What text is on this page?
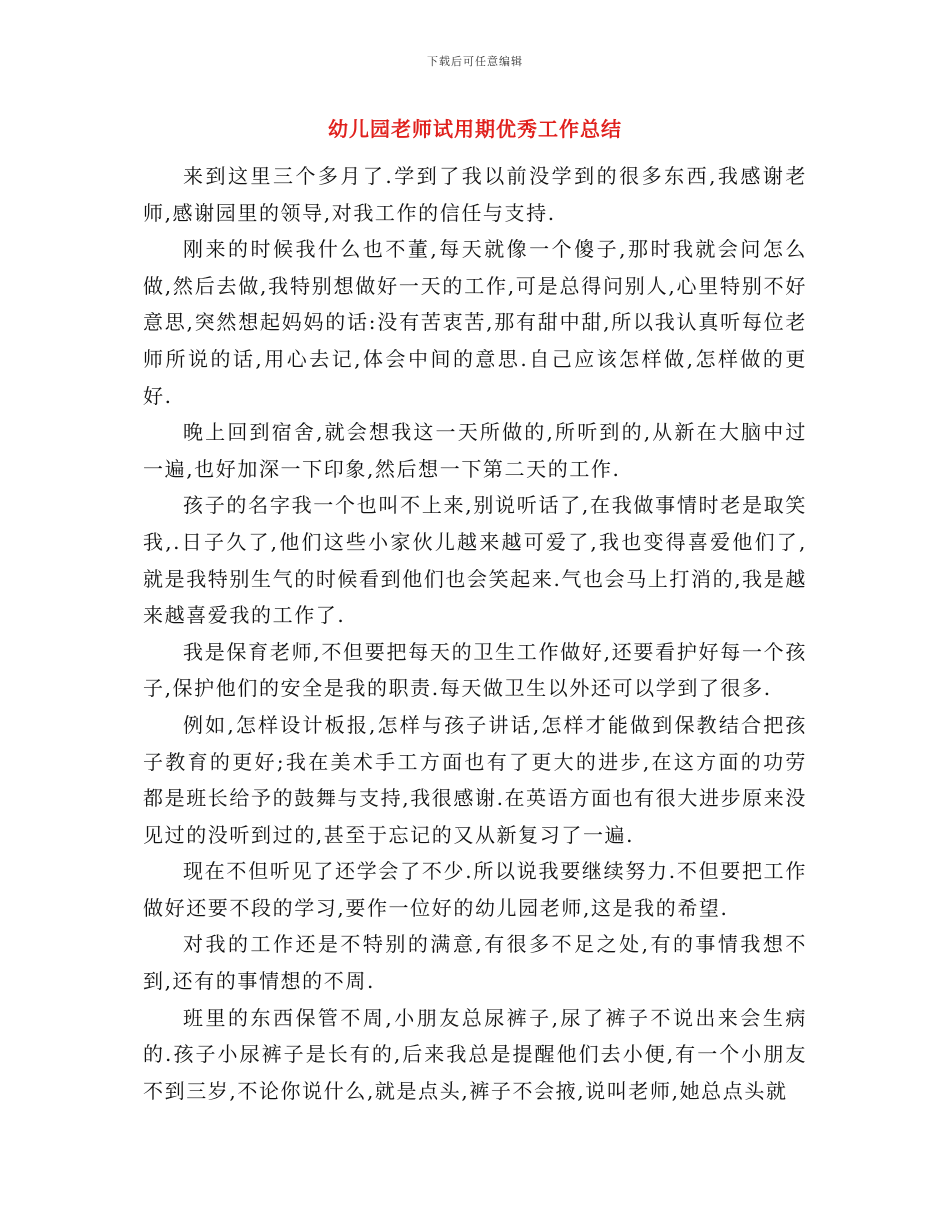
下载后可任意编辑
幼儿园老师试用期优秀工作总结

来到这里三个多月了.学到了我以前没学到的很多东西,我感谢老师,感谢园里的领导,对我工作的信任与支持.

刚来的时候我什么也不董,每天就像一个傻子,那时我就会问怎么做,然后去做,我特别想做好一天的工作,可是总得问别人,心里特别不好意思,突然想起妈妈的话:没有苦衷苦,那有甜中甜,所以我认真听每位老师所说的话,用心去记,体会中间的意思.自己应该怎样做,怎样做的更好.

晚上回到宿舍,就会想我这一天所做的,所听到的,从新在大脑中过一遍,也好加深一下印象,然后想一下第二天的工作.

孩子的名字我一个也叫不上来,别说听话了,在我做事情时老是取笑我,.日子久了,他们这些小家伙儿越来越可爱了,我也变得喜爱他们了,就是我特别生气的时候看到他们也会笑起来.气也会马上打消的,我是越来越喜爱我的工作了.

我是保育老师,不但要把每天的卫生工作做好,还要看护好每一个孩子,保护他们的安全是我的职责.每天做卫生以外还可以学到了很多.

例如,怎样设计板报,怎样与孩子讲话,怎样才能做到保教结合把孩子教育的更好;我在美术手工方面也有了更大的进步,在这方面的功劳都是班长给予的鼓舞与支持,我很感谢.在英语方面也有很大进步原来没见过的没听到过的,甚至于忘记的又从新复习了一遍.

现在不但听见了还学会了不少.所以说我要继续努力.不但要把工作做好还要不段的学习,要作一位好的幼儿园老师,这是我的希望.

对我的工作还是不特别的满意,有很多不足之处,有的事情我想不到,还有的事情想的不周.

班里的东西保管不周,小朋友总尿裤子,尿了裤子不说出来会生病的.孩子小尿裤子是长有的,后来我总是提醒他们去小便,有一个小朋友不到三岁,不论你说什么,就是点头,裤子不会掖,说叫老师,她总点头就
